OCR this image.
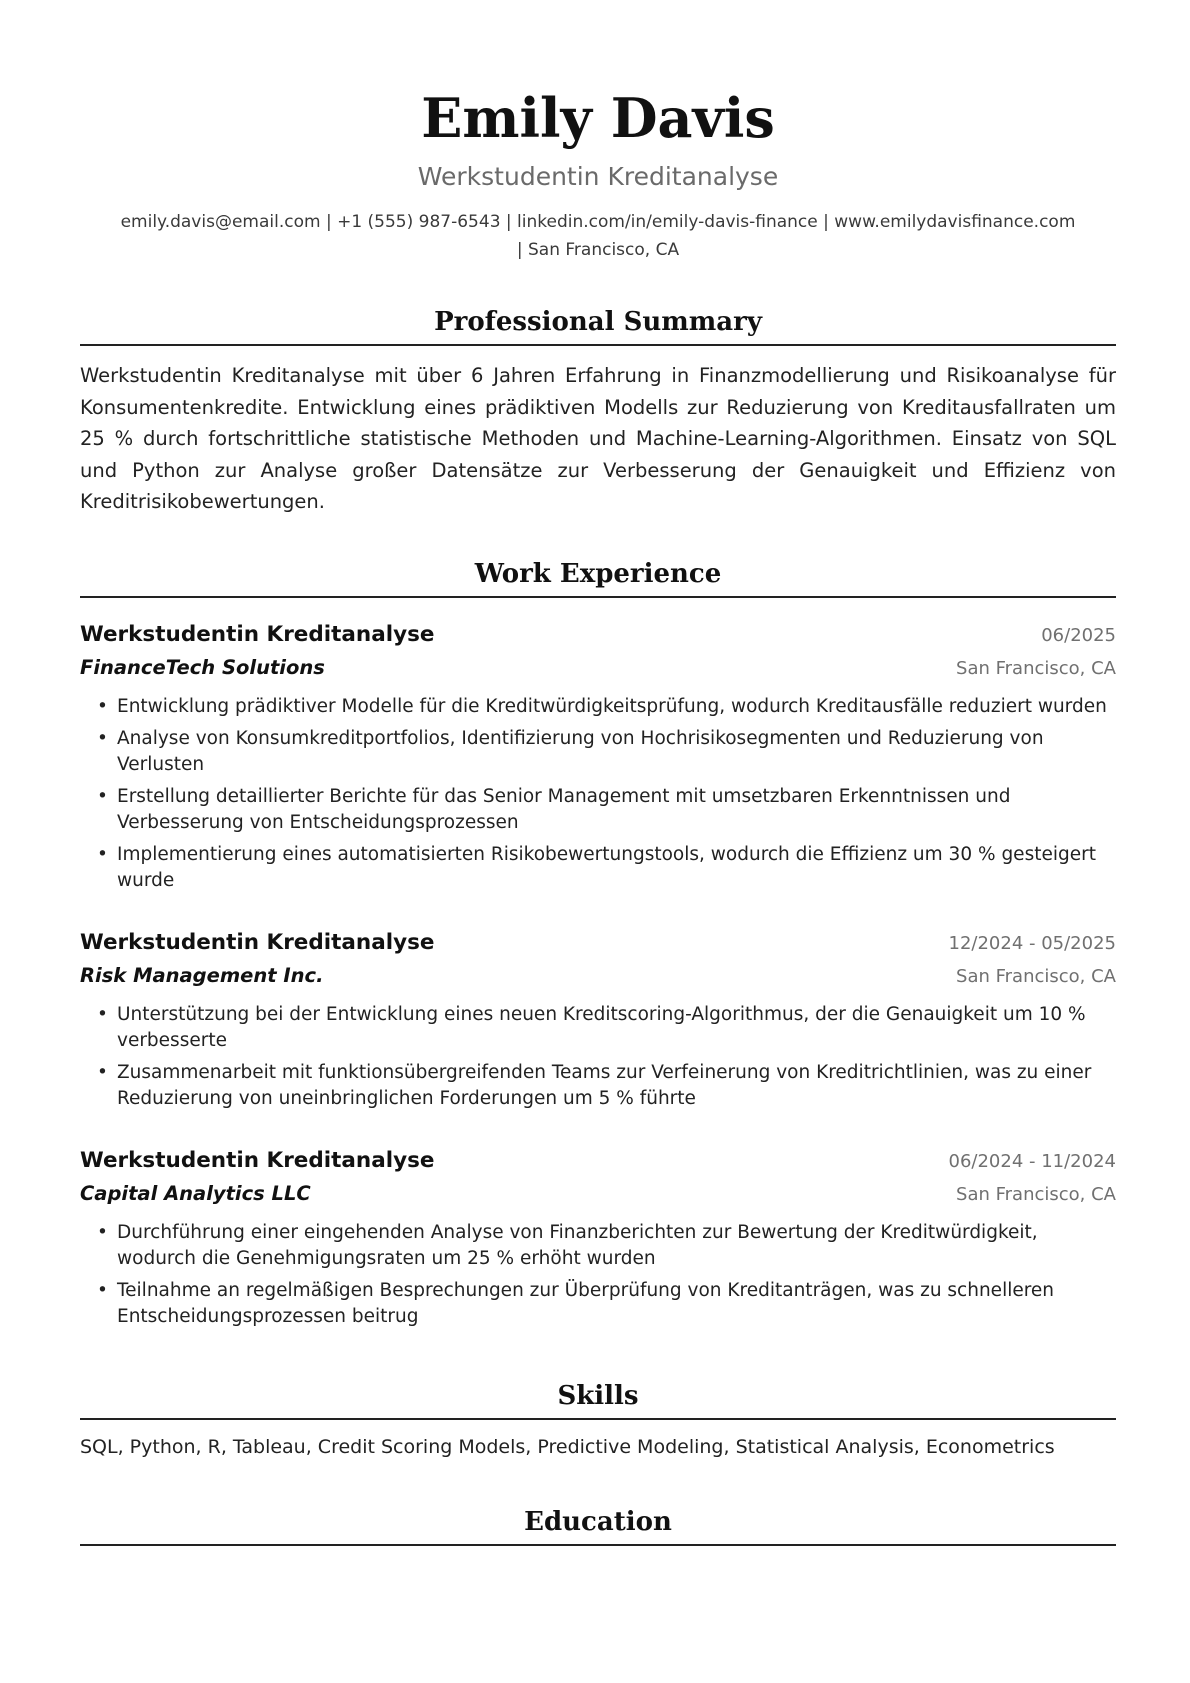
Emily Davis
Werkstudentin Kreditanalyse
emily.davis@email.com | +1 (555) 987-6543 | linkedin.com/in/emily-davis-finance | www.emilydavisfinance.com
| San Francisco, CA
Professional Summary
Werkstudentin Kreditanalyse mit über 6 Jahren Erfahrung in Finanzmodellierung und Risikoanalyse für Konsumentenkredite. Entwicklung eines prädiktiven Modells zur Reduzierung von Kreditausfallraten um 25 % durch fortschrittliche statistische Methoden und Machine-Learning-Algorithmen. Einsatz von SQL und Python zur Analyse großer Datensätze zur Verbesserung der Genauigkeit und Effizienz von Kreditrisikobewertungen.
Work Experience
Werkstudentin Kreditanalyse	06/2025
FinanceTech Solutions	San Francisco, CA
• Entwicklung prädiktiver Modelle für die Kreditwürdigkeitsprüfung, wodurch Kreditausfälle reduziert wurden
• Analyse von Konsumkreditportfolios, Identifizierung von Hochrisikosegmenten und Reduzierung von Verlusten
• Erstellung detaillierter Berichte für das Senior Management mit umsetzbaren Erkenntnissen und Verbesserung von Entscheidungsprozessen
• Implementierung eines automatisierten Risikobewertungstools, wodurch die Effizienz um 30 % gesteigert wurde
Werkstudentin Kreditanalyse	12/2024 - 05/2025
Risk Management Inc.	San Francisco, CA
• Unterstützung bei der Entwicklung eines neuen Kreditscoring-Algorithmus, der die Genauigkeit um 10 % verbesserte
• Zusammenarbeit mit funktionsübergreifenden Teams zur Verfeinerung von Kreditrichtlinien, was zu einer Reduzierung von uneinbringlichen Forderungen um 5 % führte
Werkstudentin Kreditanalyse	06/2024 - 11/2024
Capital Analytics LLC	San Francisco, CA
• Durchführung einer eingehenden Analyse von Finanzberichten zur Bewertung der Kreditwürdigkeit, wodurch die Genehmigungsraten um 25 % erhöht wurden
• Teilnahme an regelmäßigen Besprechungen zur Überprüfung von Kreditanträgen, was zu schnelleren Entscheidungsprozessen beitrug
Skills
SQL, Python, R, Tableau, Credit Scoring Models, Predictive Modeling, Statistical Analysis, Econometrics
Education
